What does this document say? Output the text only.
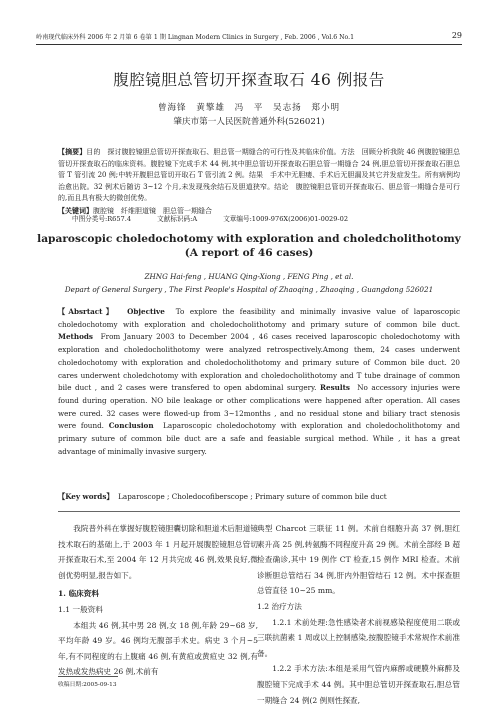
岭南现代临床外科 2006 年 2 月第 6 卷第 1 期 Lingnan Modern Clinics in Surgery , Feb. 2006 , Vol.6 No.1	29
腹腔镜胆总管切开探查取石 46 例报告
曾海锋　黄擎雄　冯　平　吴志扬　郑小明
肇庆市第一人民医院普通外科(526021)
【摘要】目的　探讨腹腔镜胆总管切开探查取石、胆总管一期缝合的可行性及其临床价值。方法　回顾分析我院 46 例腹腔镜胆总管切开探查取石的临床资料。腹腔镜下完成手术 44 例,其中胆总管切开探查取石胆总管一期缝合 24 例,胆总管切开探查取石胆总管 T 管引流 20 例;中转开腹胆总管切开取石 T 管引流 2 例。结果　手术中无胆瘘、手术后无胆漏及其它并发症发生。所有病例均治愈出院。32 例术后随访 3~12 个月,未发现残余结石及胆道狭窄。结论　腹腔镜胆总管切开探查取石、胆总管一期缝合是可行的,而且具有极大的微创优势。
【关键词】腹腔镜　纤维胆道镜　胆总管一期缝合
中图分类号:R657.4	文献标识码:A	文章编号:1009-976X(2006)01-0029-02
laparoscopic choledochotomy with exploration and choledcholithotomy
(A report of 46 cases)
ZHNG Hai-feng , HUANG Qing-Xiong , FENG Ping , et al.
Depart of General Surgery , The First People's Hospital of Zhaoqing , Zhaoqing , Guangdong 526021
【Absrtact】 Objective To explore the feasibility and minimally invasive value of laparoscopic choledochotomy with exploration and choledocholithotomy and primary suture of common bile duct. Methods From January 2003 to December 2004 , 46 cases received laparoscopic choledochotomy with exploration and choledocholithotomy were analyzed retrospectively.Among them, 24 cases underwent choledochotomy with exploration and choledocholithotomy and primary suture of Common bile duct. 20 cares underwent choledchotomy with exploration and choledocholithotomy and T tube drainage of common bile duct , and 2 cases were transfered to open abdominal surgery. Results No accessory injuries were found during operation. NO bile leakage or other complications were happened after operation. All cases were cured. 32 cases were flowed-up from 3~12months , and no residual stone and biliary tract stenosis were found. Conclusion Laparoscopic choledochotomy with exploration and choledocholithotomy and primary suture of common bile duct are a safe and feasiable surgical method. While , it has a great advantage of minimally invasive surgery.
【Key words】 Laparoscope ; Choledocofiberscope ; Primary suture of common bile duct

我院普外科在掌握好腹腔镜胆囊切除和胆道术后胆道镜技术取石的基础上,于 2003 年 1 月起开展腹腔镜胆总管切开探查取石术,至 2004 年 12 月共完成 46 例,效果良好,微创优势明显,报告如下。

1. 临床资料

1.1 一般资料

本组共 46 例,其中男 28 例,女 18 例,年龄 29~68 岁,平均年龄 49 岁。46 例均无腹部手术史。病史 3 个月~5 年,有不同程度的右上腹痛 46 例,有黄疸或黄疸史 32 例,有发热或发热病史 26 例,术前有

典型 Charcot 三联征 11 例。术前自细胞升高 37 例,胆红素升高 25 例,转氨酶不同程度升高 29 例。术前全部经 B 超检查确诊,其中 19 例作 CT 检查,15 例作 MRI 检查。术前诊断胆总管结石 34 例,肝内外胆管结石 12 例。术中探查胆总管直径 10~25 mm。

1.2 治疗方法

1.2.1 术前处理:急性感染者术前视感染程度使用二联或三联抗菌素 1 周或以上控制感染,按腹腔镜手术常规作术前准备。

1.2.2 手术方法:本组是采用气管内麻醉或硬膜外麻醉及腹腔镜下完成手术 44 例。其中胆总管切开探查取石,胆总管一期缝合 24 例(2 例则性探查,

收稿日期:2005-09-13
